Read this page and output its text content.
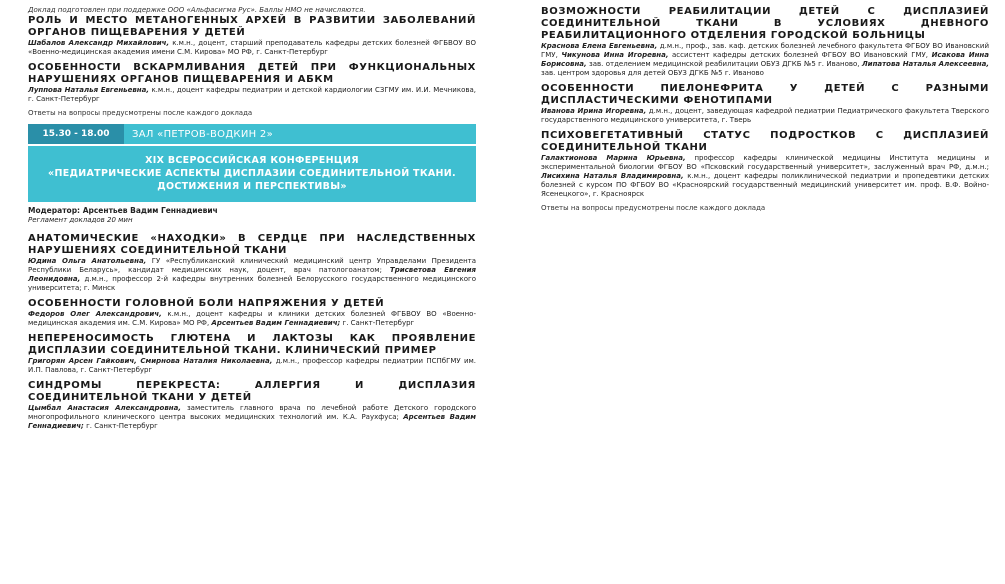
Доклад подготовлен при поддержке ООО «Альфасигма Рус». Баллы НМО не начисляются.

РОЛЬ И МЕСТО МЕТАНОГЕННЫХ АРХЕЙ В РАЗВИТИИ ЗАБОЛЕВАНИЙ ОРГАНОВ ПИЩЕВАРЕНИЯ У ДЕТЕЙ

Шабалов Александр Михайлович, к.м.н., доцент, старший преподаватель кафедры детских болезней ФГБВОУ ВО «Военно-медицинская академия имени С.М. Кирова» МО РФ, г. Санкт-Петербург

ОСОБЕННОСТИ ВСКАРМЛИВАНИЯ ДЕТЕЙ ПРИ ФУНКЦИОНАЛЬНЫХ НАРУШЕНИЯХ ОРГАНОВ ПИЩЕВАРЕНИЯ И АБКМ

Луппова Наталья Евгеньевна, к.м.н., доцент кафедры педиатрии и детской кардиологии СЗГМУ им. И.И. Мечникова, г. Санкт-Петербург

Ответы на вопросы предусмотрены после каждого доклада

15.30 - 18.00	ЗАЛ «ПЕТРОВ-ВОДКИН 2»
XIX ВСЕРОССИЙСКАЯ КОНФЕРЕНЦИЯ
«ПЕДИАТРИЧЕСКИЕ АСПЕКТЫ ДИСПЛАЗИИ СОЕДИНИТЕЛЬНОЙ ТКАНИ.
ДОСТИЖЕНИЯ И ПЕРСПЕКТИВЫ»

Модератор: Арсентьев Вадим Геннадиевич

Регламент докладов 20 мин

АНАТОМИЧЕСКИЕ «НАХОДКИ» В СЕРДЦЕ ПРИ НАСЛЕДСТВЕННЫХ НАРУШЕНИЯХ СОЕДИНИТЕЛЬНОЙ ТКАНИ

Юдина Ольга Анатольевна, ГУ «Республиканский клинический медицинский центр Управделами Президента Республики Беларусь», кандидат медицинских наук, доцент, врач патологоанатом; Трисветова Евгения Леонидовна, д.м.н., профессор 2-й кафедры внутренних болезней Белорусского государственного медицинского университета; г. Минск

ОСОБЕННОСТИ ГОЛОВНОЙ БОЛИ НАПРЯЖЕНИЯ У ДЕТЕЙ

Федоров Олег Александрович, к.м.н., доцент кафедры и клиники детских болезней ФГБВОУ ВО «Военно-медицинская академия им. С.М. Кирова» МО РФ, Арсентьев Вадим Геннадиевич; г. Санкт-Петербург

НЕПЕРЕНОСИМОСТЬ ГЛЮТЕНА И ЛАКТОЗЫ КАК ПРОЯВЛЕНИЕ ДИСПЛАЗИИ СОЕДИНИТЕЛЬНОЙ ТКАНИ. КЛИНИЧЕСКИЙ ПРИМЕР

Григорян Арсен Гайкович, Смирнова Наталия Николаевна, д.м.н., профессор кафедры педиатрии ПСПбГМУ им. И.П. Павлова, г. Санкт-Петербург

СИНДРОМЫ ПЕРЕКРЕСТА: АЛЛЕРГИЯ И ДИСПЛАЗИЯ СОЕДИНИТЕЛЬНОЙ ТКАНИ У ДЕТЕЙ

Цымбал Анастасия Александровна, заместитель главного врача по лечебной работе Детского городского многопрофильного клинического центра высоких медицинских технологий им. К.А. Раухфуса; Арсентьев Вадим Геннадиевич; г. Санкт-Петербург

ВОЗМОЖНОСТИ РЕАБИЛИТАЦИИ ДЕТЕЙ С ДИСПЛАЗИЕЙ СОЕДИНИТЕЛЬНОЙ ТКАНИ В УСЛОВИЯХ ДНЕВНОГО РЕАБИЛИТАЦИОННОГО ОТДЕЛЕНИЯ ГОРОДСКОЙ БОЛЬНИЦЫ

Краснова Елена Евгеньевна, д.м.н., проф., зав. каф. детских болезней лечебного факультета ФГБОУ ВО Ивановский ГМУ, Чикунова Инна Игоревна, ассистент кафедры детских болезней ФГБОУ ВО Ивановский ГМУ, Исакова Инна Борисовна, зав. отделением медицинской реабилитации ОБУЗ ДГКБ №5 г. Иваново, Липатова Наталья Алексеевна, зав. центром здоровья для детей ОБУЗ ДГКБ №5 г. Иваново

ОСОБЕННОСТИ ПИЕЛОНЕФРИТА У ДЕТЕЙ С РАЗНЫМИ ДИСПЛАСТИЧЕСКИМИ ФЕНОТИПАМИ

Иванова Ирина Игоревна, д.м.н., доцент, заведующая кафедрой педиатрии Педиатрического факультета Тверского государственного медицинского университета, г. Тверь

ПСИХОВЕГЕТАТИВНЫЙ СТАТУС ПОДРОСТКОВ С ДИСПЛАЗИЕЙ СОЕДИНИТЕЛЬНОЙ ТКАНИ

Галактионова Марина Юрьевна, профессор кафедры клинической медицины Института медицины и экспериментальной биологии ФГБОУ ВО «Псковский государственный университет», заслуженный врач РФ, д.м.н.; Лисихина Наталья Владимировна, к.м.н., доцент кафедры поликлинической педиатрии и пропедевтики детских болезней с курсом ПО ФГБОУ ВО «Красноярский государственный медицинский университет им. проф. В.Ф. Войно-Ясенецкого», г. Красноярск

Ответы на вопросы предусмотрены после каждого доклада
